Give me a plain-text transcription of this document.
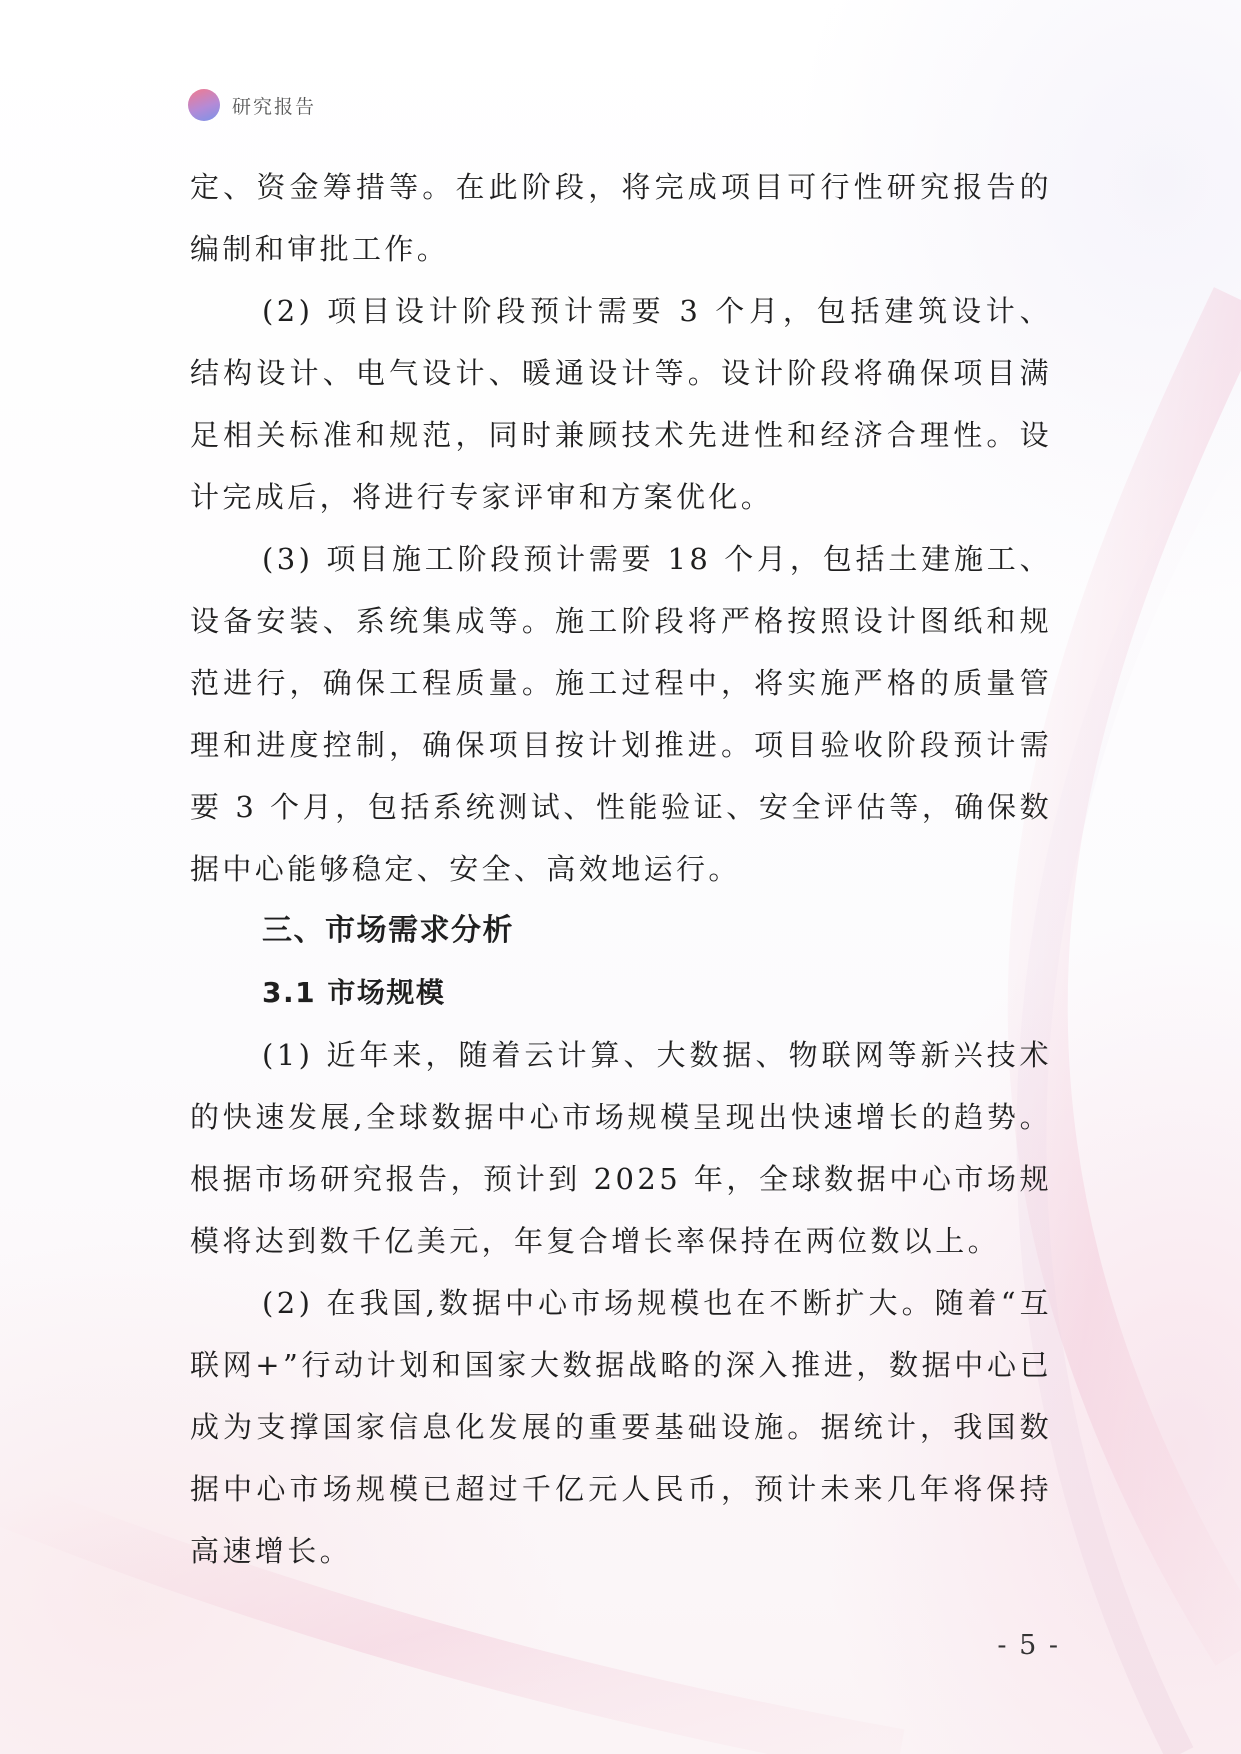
研究报告

定、资金筹措等。在此阶段，将完成项目可行性研究报告的编制和审批工作。

(2) 项目设计阶段预计需要 3 个月，包括建筑设计、结构设计、电气设计、暖通设计等。设计阶段将确保项目满足相关标准和规范，同时兼顾技术先进性和经济合理性。设计完成后，将进行专家评审和方案优化。

(3) 项目施工阶段预计需要 18 个月，包括土建施工、设备安装、系统集成等。施工阶段将严格按照设计图纸和规范进行，确保工程质量。施工过程中，将实施严格的质量管理和进度控制，确保项目按计划推进。项目验收阶段预计需要 3 个月，包括系统测试、性能验证、安全评估等，确保数据中心能够稳定、安全、高效地运行。

三、市场需求分析
3.1 市场规模

(1) 近年来，随着云计算、大数据、物联网等新兴技术的快速发展,全球数据中心市场规模呈现出快速增长的趋势。根据市场研究报告，预计到 2025 年，全球数据中心市场规模将达到数千亿美元，年复合增长率保持在两位数以上。

(2) 在我国,数据中心市场规模也在不断扩大。随着“互联网+”行动计划和国家大数据战略的深入推进，数据中心已成为支撑国家信息化发展的重要基础设施。据统计，我国数据中心市场规模已超过千亿元人民币，预计未来几年将保持高速增长。

- 5 -
